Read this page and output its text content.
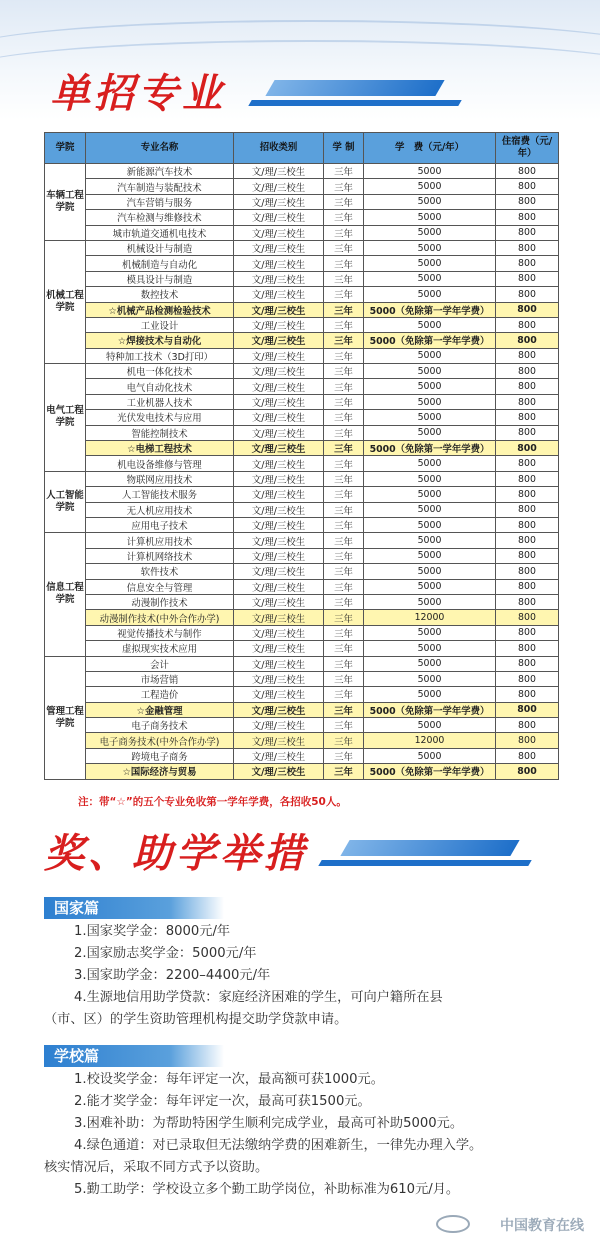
单招专业
学院	专业名称	招收类别	学 制	学　费（元/年）	住宿费（元/年）
车辆工程学院	新能源汽车技术	文/理/三校生	三年	5000	800
	汽车制造与装配技术	文/理/三校生	三年	5000	800
	汽车营销与服务	文/理/三校生	三年	5000	800
	汽车检测与维修技术	文/理/三校生	三年	5000	800
	城市轨道交通机电技术	文/理/三校生	三年	5000	800
机械工程学院	机械设计与制造	文/理/三校生	三年	5000	800
	机械制造与自动化	文/理/三校生	三年	5000	800
	模具设计与制造	文/理/三校生	三年	5000	800
	数控技术	文/理/三校生	三年	5000	800
	☆机械产品检测检验技术	文/理/三校生	三年	5000（免除第一学年学费）	800
	工业设计	文/理/三校生	三年	5000	800
	☆焊接技术与自动化	文/理/三校生	三年	5000（免除第一学年学费）	800
	特种加工技术（3D打印）	文/理/三校生	三年	5000	800
电气工程学院	机电一体化技术	文/理/三校生	三年	5000	800
	电气自动化技术	文/理/三校生	三年	5000	800
	工业机器人技术	文/理/三校生	三年	5000	800
	光伏发电技术与应用	文/理/三校生	三年	5000	800
	智能控制技术	文/理/三校生	三年	5000	800
	☆电梯工程技术	文/理/三校生	三年	5000（免除第一学年学费）	800
	机电设备维修与管理	文/理/三校生	三年	5000	800
人工智能学院	物联网应用技术	文/理/三校生	三年	5000	800
	人工智能技术服务	文/理/三校生	三年	5000	800
	无人机应用技术	文/理/三校生	三年	5000	800
	应用电子技术	文/理/三校生	三年	5000	800
信息工程学院	计算机应用技术	文/理/三校生	三年	5000	800
	计算机网络技术	文/理/三校生	三年	5000	800
	软件技术	文/理/三校生	三年	5000	800
	信息安全与管理	文/理/三校生	三年	5000	800
	动漫制作技术	文/理/三校生	三年	5000	800
	动漫制作技术(中外合作办学)	文/理/三校生	三年	12000	800
	视觉传播技术与制作	文/理/三校生	三年	5000	800
	虚拟现实技术应用	文/理/三校生	三年	5000	800
管理工程学院	会计	文/理/三校生	三年	5000	800
	市场营销	文/理/三校生	三年	5000	800
	工程造价	文/理/三校生	三年	5000	800
	☆金融管理	文/理/三校生	三年	5000（免除第一学年学费）	800
	电子商务技术	文/理/三校生	三年	5000	800
	电子商务技术(中外合作办学)	文/理/三校生	三年	12000	800
	跨境电子商务	文/理/三校生	三年	5000	800
	☆国际经济与贸易	文/理/三校生	三年	5000（免除第一学年学费）	800
注：带“☆”的五个专业免收第一学年学费，各招收50人。
奖、助学举措
国家篇

1.国家奖学金：8000元/年

2.国家励志奖学金：5000元/年

3.国家助学金：2200–4400元/年

4.生源地信用助学贷款：家庭经济困难的学生，可向户籍所在县

（市、区）的学生资助管理机构提交助学贷款申请。

学校篇

1.校设奖学金：每年评定一次，最高额可获1000元。

2.能才奖学金：每年评定一次，最高可获1500元。

3.困难补助：为帮助特困学生顺利完成学业，最高可补助5000元。

4.绿色通道：对已录取但无法缴纳学费的困难新生，一律先办理入学。

核实情况后，采取不同方式予以资助。

5.勤工助学：学校设立多个勤工助学岗位，补助标准为610元/月。

中国教育在线
